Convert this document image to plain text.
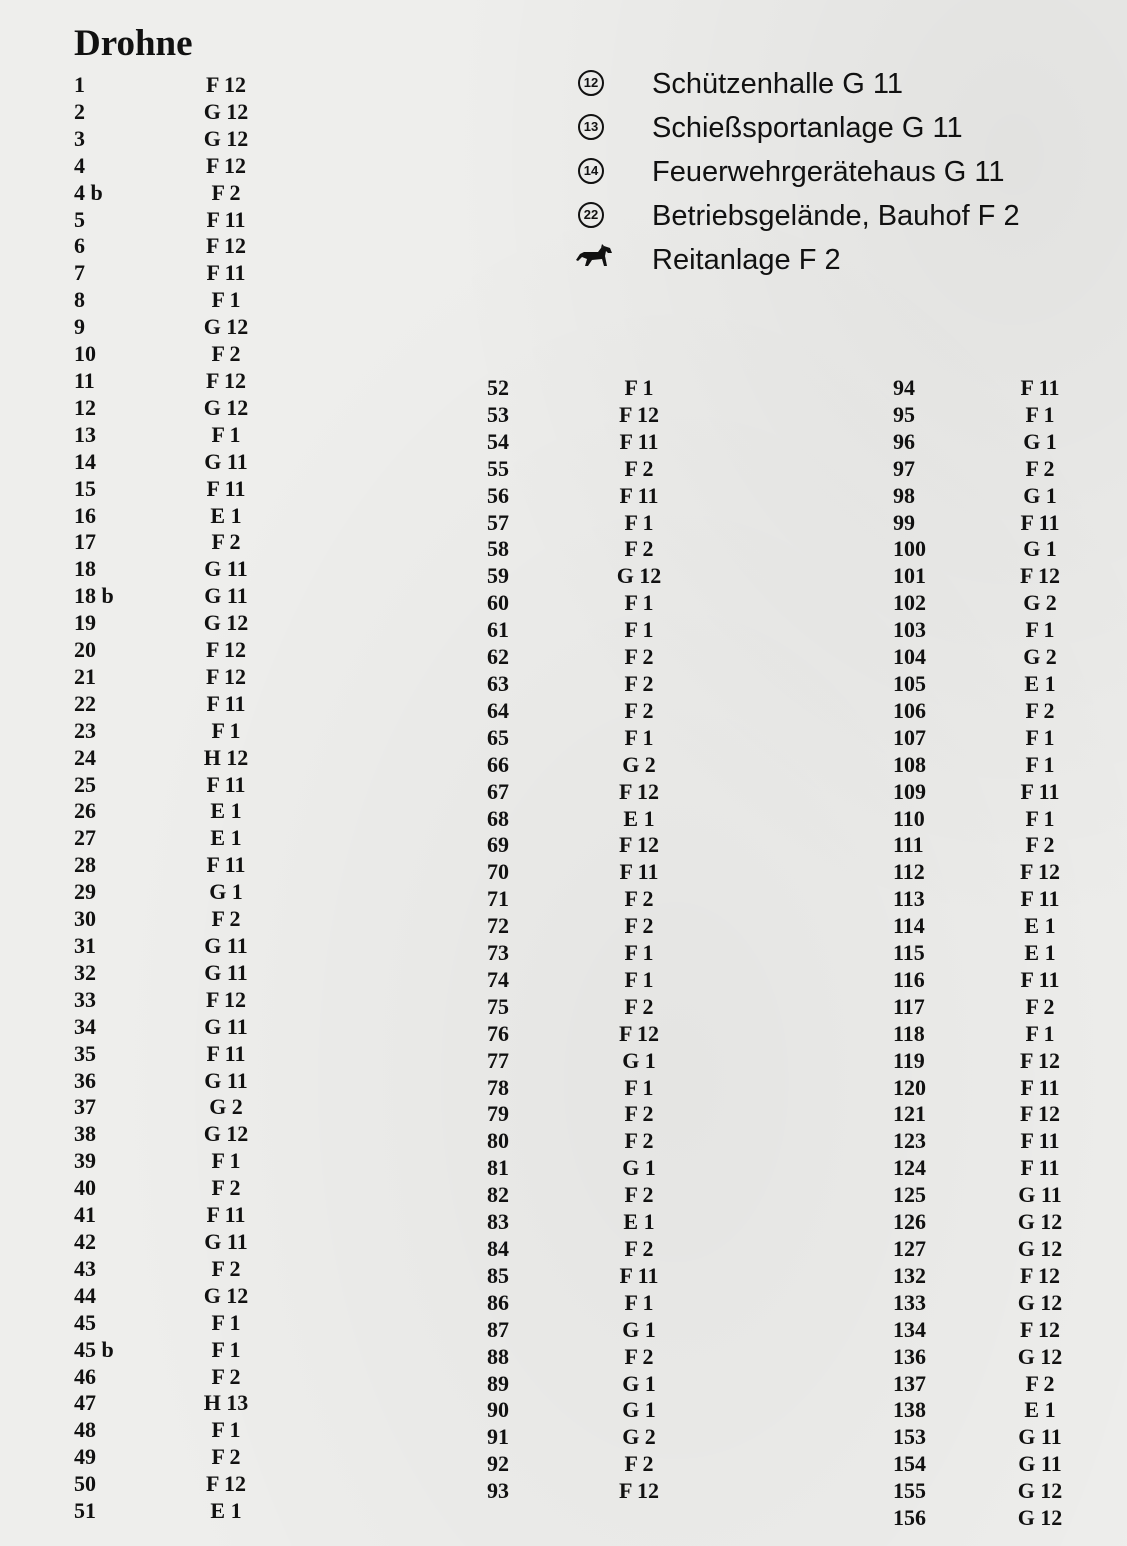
Drohne
12 Schützenhalle G 11
13 Schießsportanlage G 11
14 Feuerwehrgerätehaus G 11
22 Betriebsgelände, Bauhof F 2
Reitanlage F 2
1	F 12
2	G 12
3	G 12
4	F 12
4 b	F 2
5	F 11
6	F 12
7	F 11
8	F 1
9	G 12
10	F 2
11	F 12
12	G 12
13	F 1
14	G 11
15	F 11
16	E 1
17	F 2
18	G 11
18 b	G 11
19	G 12
20	F 12
21	F 12
22	F 11
23	F 1
24	H 12
25	F 11
26	E 1
27	E 1
28	F 11
29	G 1
30	F 2
31	G 11
32	G 11
33	F 12
34	G 11
35	F 11
36	G 11
37	G 2
38	G 12
39	F 1
40	F 2
41	F 11
42	G 11
43	F 2
44	G 12
45	F 1
45 b	F 1
46	F 2
47	H 13
48	F 1
49	F 2
50	F 12
51	E 1
52	F 1
53	F 12
54	F 11
55	F 2
56	F 11
57	F 1
58	F 2
59	G 12
60	F 1
61	F 1
62	F 2
63	F 2
64	F 2
65	F 1
66	G 2
67	F 12
68	E 1
69	F 12
70	F 11
71	F 2
72	F 2
73	F 1
74	F 1
75	F 2
76	F 12
77	G 1
78	F 1
79	F 2
80	F 2
81	G 1
82	F 2
83	E 1
84	F 2
85	F 11
86	F 1
87	G 1
88	F 2
89	G 1
90	G 1
91	G 2
92	F 2
93	F 12
94	F 11
95	F 1
96	G 1
97	F 2
98	G 1
99	F 11
100	G 1
101	F 12
102	G 2
103	F 1
104	G 2
105	E 1
106	F 2
107	F 1
108	F 1
109	F 11
110	F 1
111	F 2
112	F 12
113	F 11
114	E 1
115	E 1
116	F 11
117	F 2
118	F 1
119	F 12
120	F 11
121	F 12
123	F 11
124	F 11
125	G 11
126	G 12
127	G 12
132	F 12
133	G 12
134	F 12
136	G 12
137	F 2
138	E 1
153	G 11
154	G 11
155	G 12
156	G 12
